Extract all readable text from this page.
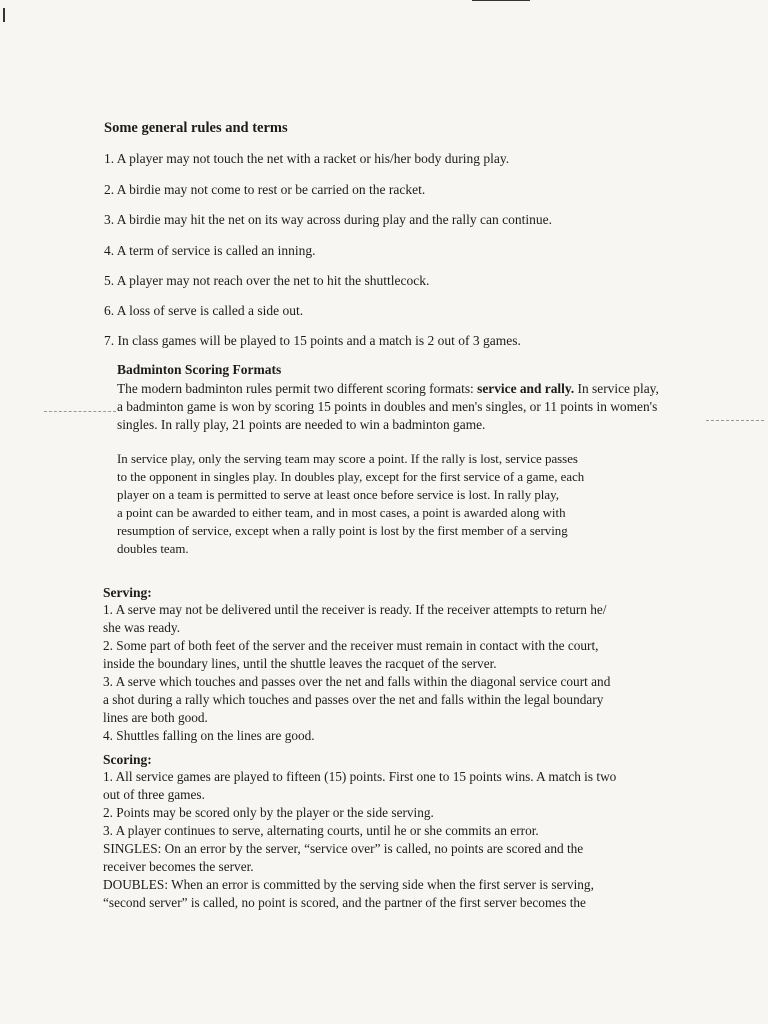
Some general rules and terms
1. A player may not touch the net with a racket or his/her body during play.
2. A birdie may not come to rest or be carried on the racket.
3. A birdie may hit the net on its way across during play and the rally can continue.
4. A term of service is called an inning.
5. A player may not reach over the net to hit the shuttlecock.
6. A loss of serve is called a side out.
7. In class games will be played to 15 points and a match is 2 out of 3 games.
Badminton Scoring Formats
The modern badminton rules permit two different scoring formats: service and rally. In service play,
a badminton game is won by scoring 15 points in doubles and men's singles, or 11 points in women's
singles. In rally play, 21 points are needed to win a badminton game.
In service play, only the serving team may score a point. If the rally is lost, service passes
to the opponent in singles play. In doubles play, except for the first service of a game, each
player on a team is permitted to serve at least once before service is lost. In rally play,
a point can be awarded to either team, and in most cases, a point is awarded along with
resumption of service, except when a rally point is lost by the first member of a serving
doubles team.
Serving:
1. A serve may not be delivered until the receiver is ready. If the receiver attempts to return he/
she was ready.
2. Some part of both feet of the server and the receiver must remain in contact with the court,
inside the boundary lines, until the shuttle leaves the racquet of the server.
3. A serve which touches and passes over the net and falls within the diagonal service court and
a shot during a rally which touches and passes over the net and falls within the legal boundary
lines are both good.
4. Shuttles falling on the lines are good.
Scoring:
1. All service games are played to fifteen (15) points. First one to 15 points wins. A match is two
out of three games.
2. Points may be scored only by the player or the side serving.
3. A player continues to serve, alternating courts, until he or she commits an error.
SINGLES: On an error by the server, “service over” is called, no points are scored and the
receiver becomes the server.
DOUBLES: When an error is committed by the serving side when the first server is serving,
“second server” is called, no point is scored, and the partner of the first server becomes the
